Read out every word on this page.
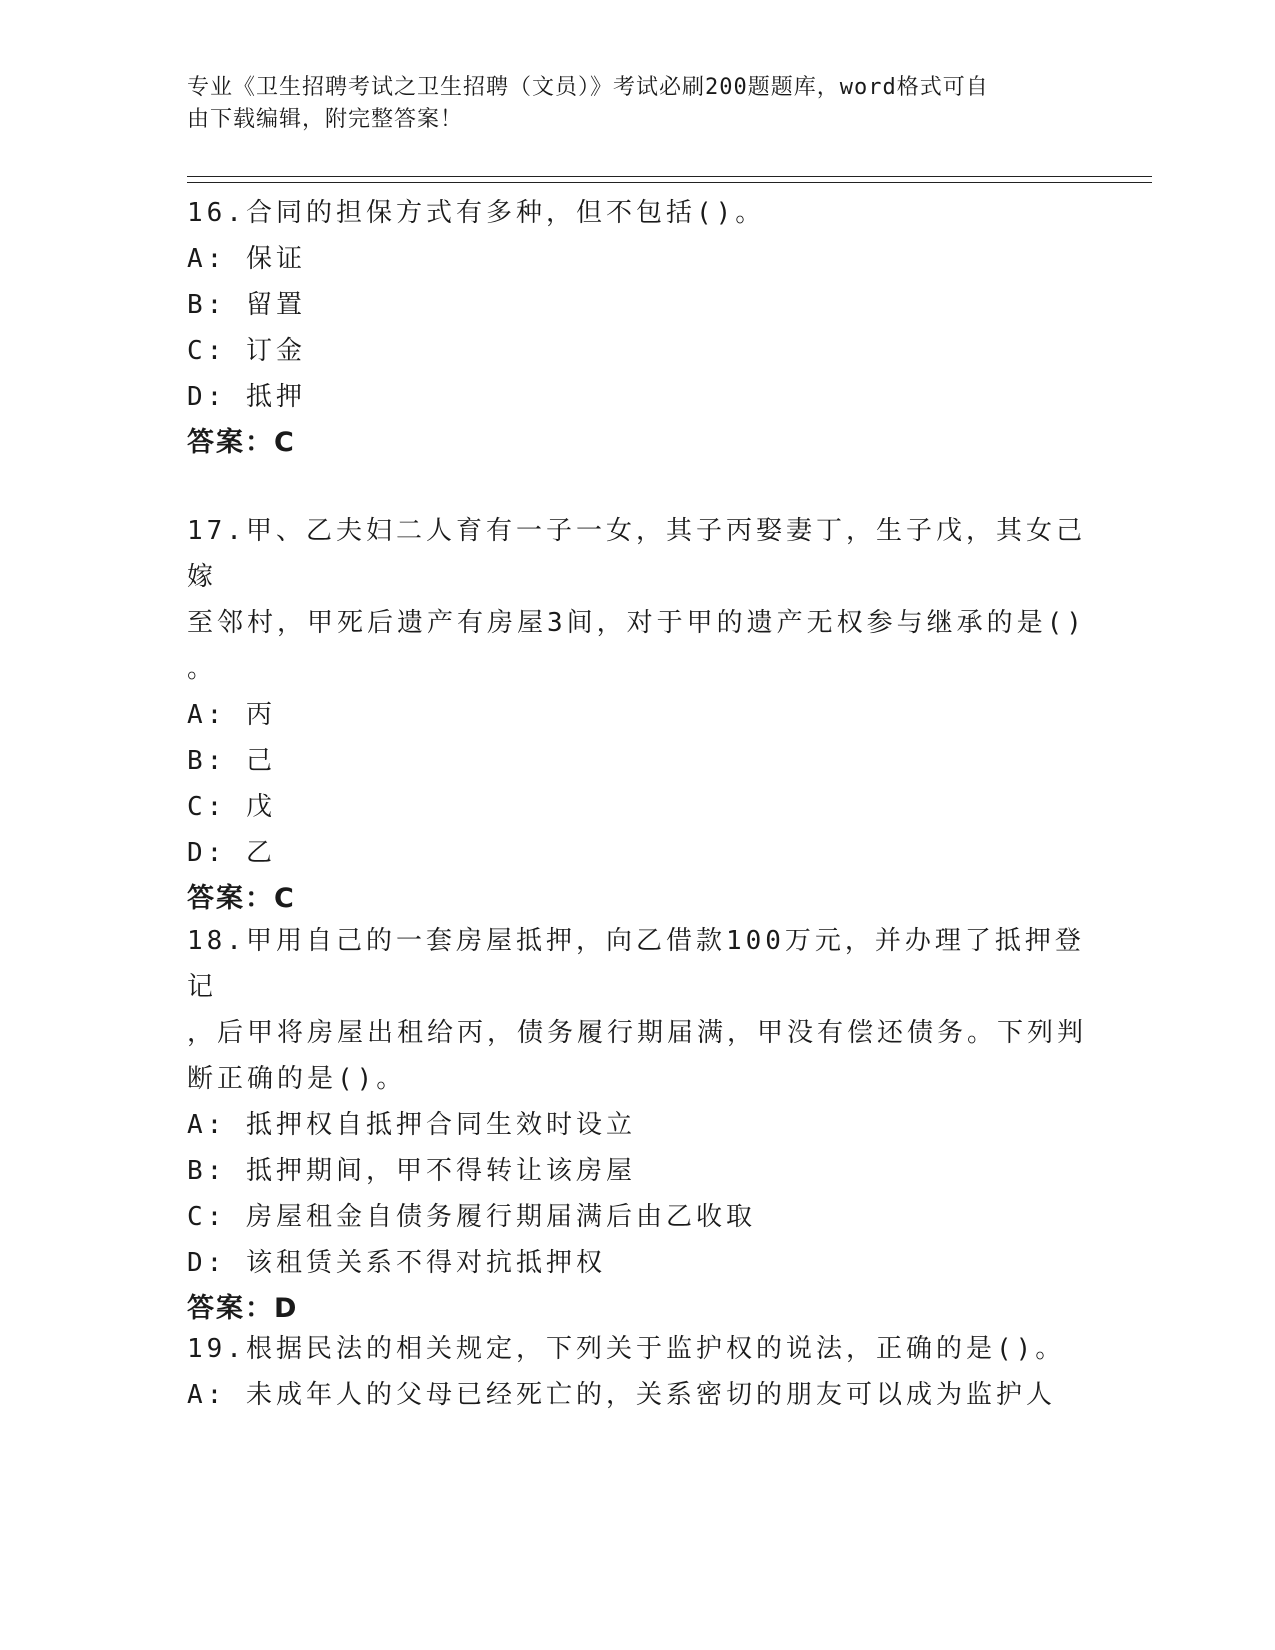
专业《卫生招聘考试之卫生招聘（文员）》考试必刷200题题库，word格式可自
由下载编辑，附完整答案！

16.合同的担保方式有多种，但不包括()。

A: 保证

B: 留置

C: 订金

D: 抵押

答案：C

17.甲、乙夫妇二人育有一子一女，其子丙娶妻丁，生子戊，其女己嫁

至邻村，甲死后遗产有房屋3间，对于甲的遗产无权参与继承的是()

。

A: 丙

B: 己

C: 戊

D: 乙

答案：C

18.甲用自己的一套房屋抵押，向乙借款100万元，并办理了抵押登记

，后甲将房屋出租给丙，债务履行期届满，甲没有偿还债务。下列判

断正确的是()。

A: 抵押权自抵押合同生效时设立

B: 抵押期间，甲不得转让该房屋

C: 房屋租金自债务履行期届满后由乙收取

D: 该租赁关系不得对抗抵押权

答案：D

19.根据民法的相关规定，下列关于监护权的说法，正确的是()。

A: 未成年人的父母已经死亡的，关系密切的朋友可以成为监护人
